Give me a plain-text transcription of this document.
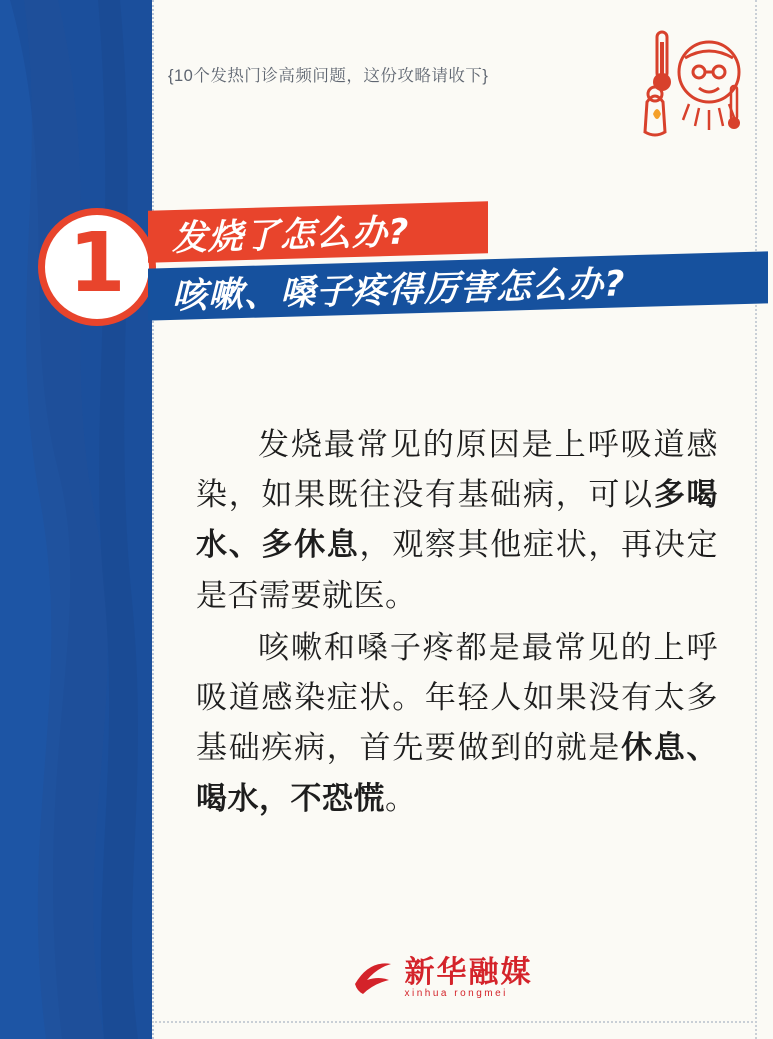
{10个发热门诊高频问题，这份攻略请收下}
1 发烧了怎么办?
咳嗽、嗓子疼得厉害怎么办?

发烧最常见的原因是上呼吸道感染，如果既往没有基础病，可以多喝水、多休息，观察其他症状，再决定是否需要就医。

咳嗽和嗓子疼都是最常见的上呼吸道感染症状。年轻人如果没有太多基础疾病，首先要做到的就是休息、喝水，不恐慌。

新华融媒
xinhua rongmei
